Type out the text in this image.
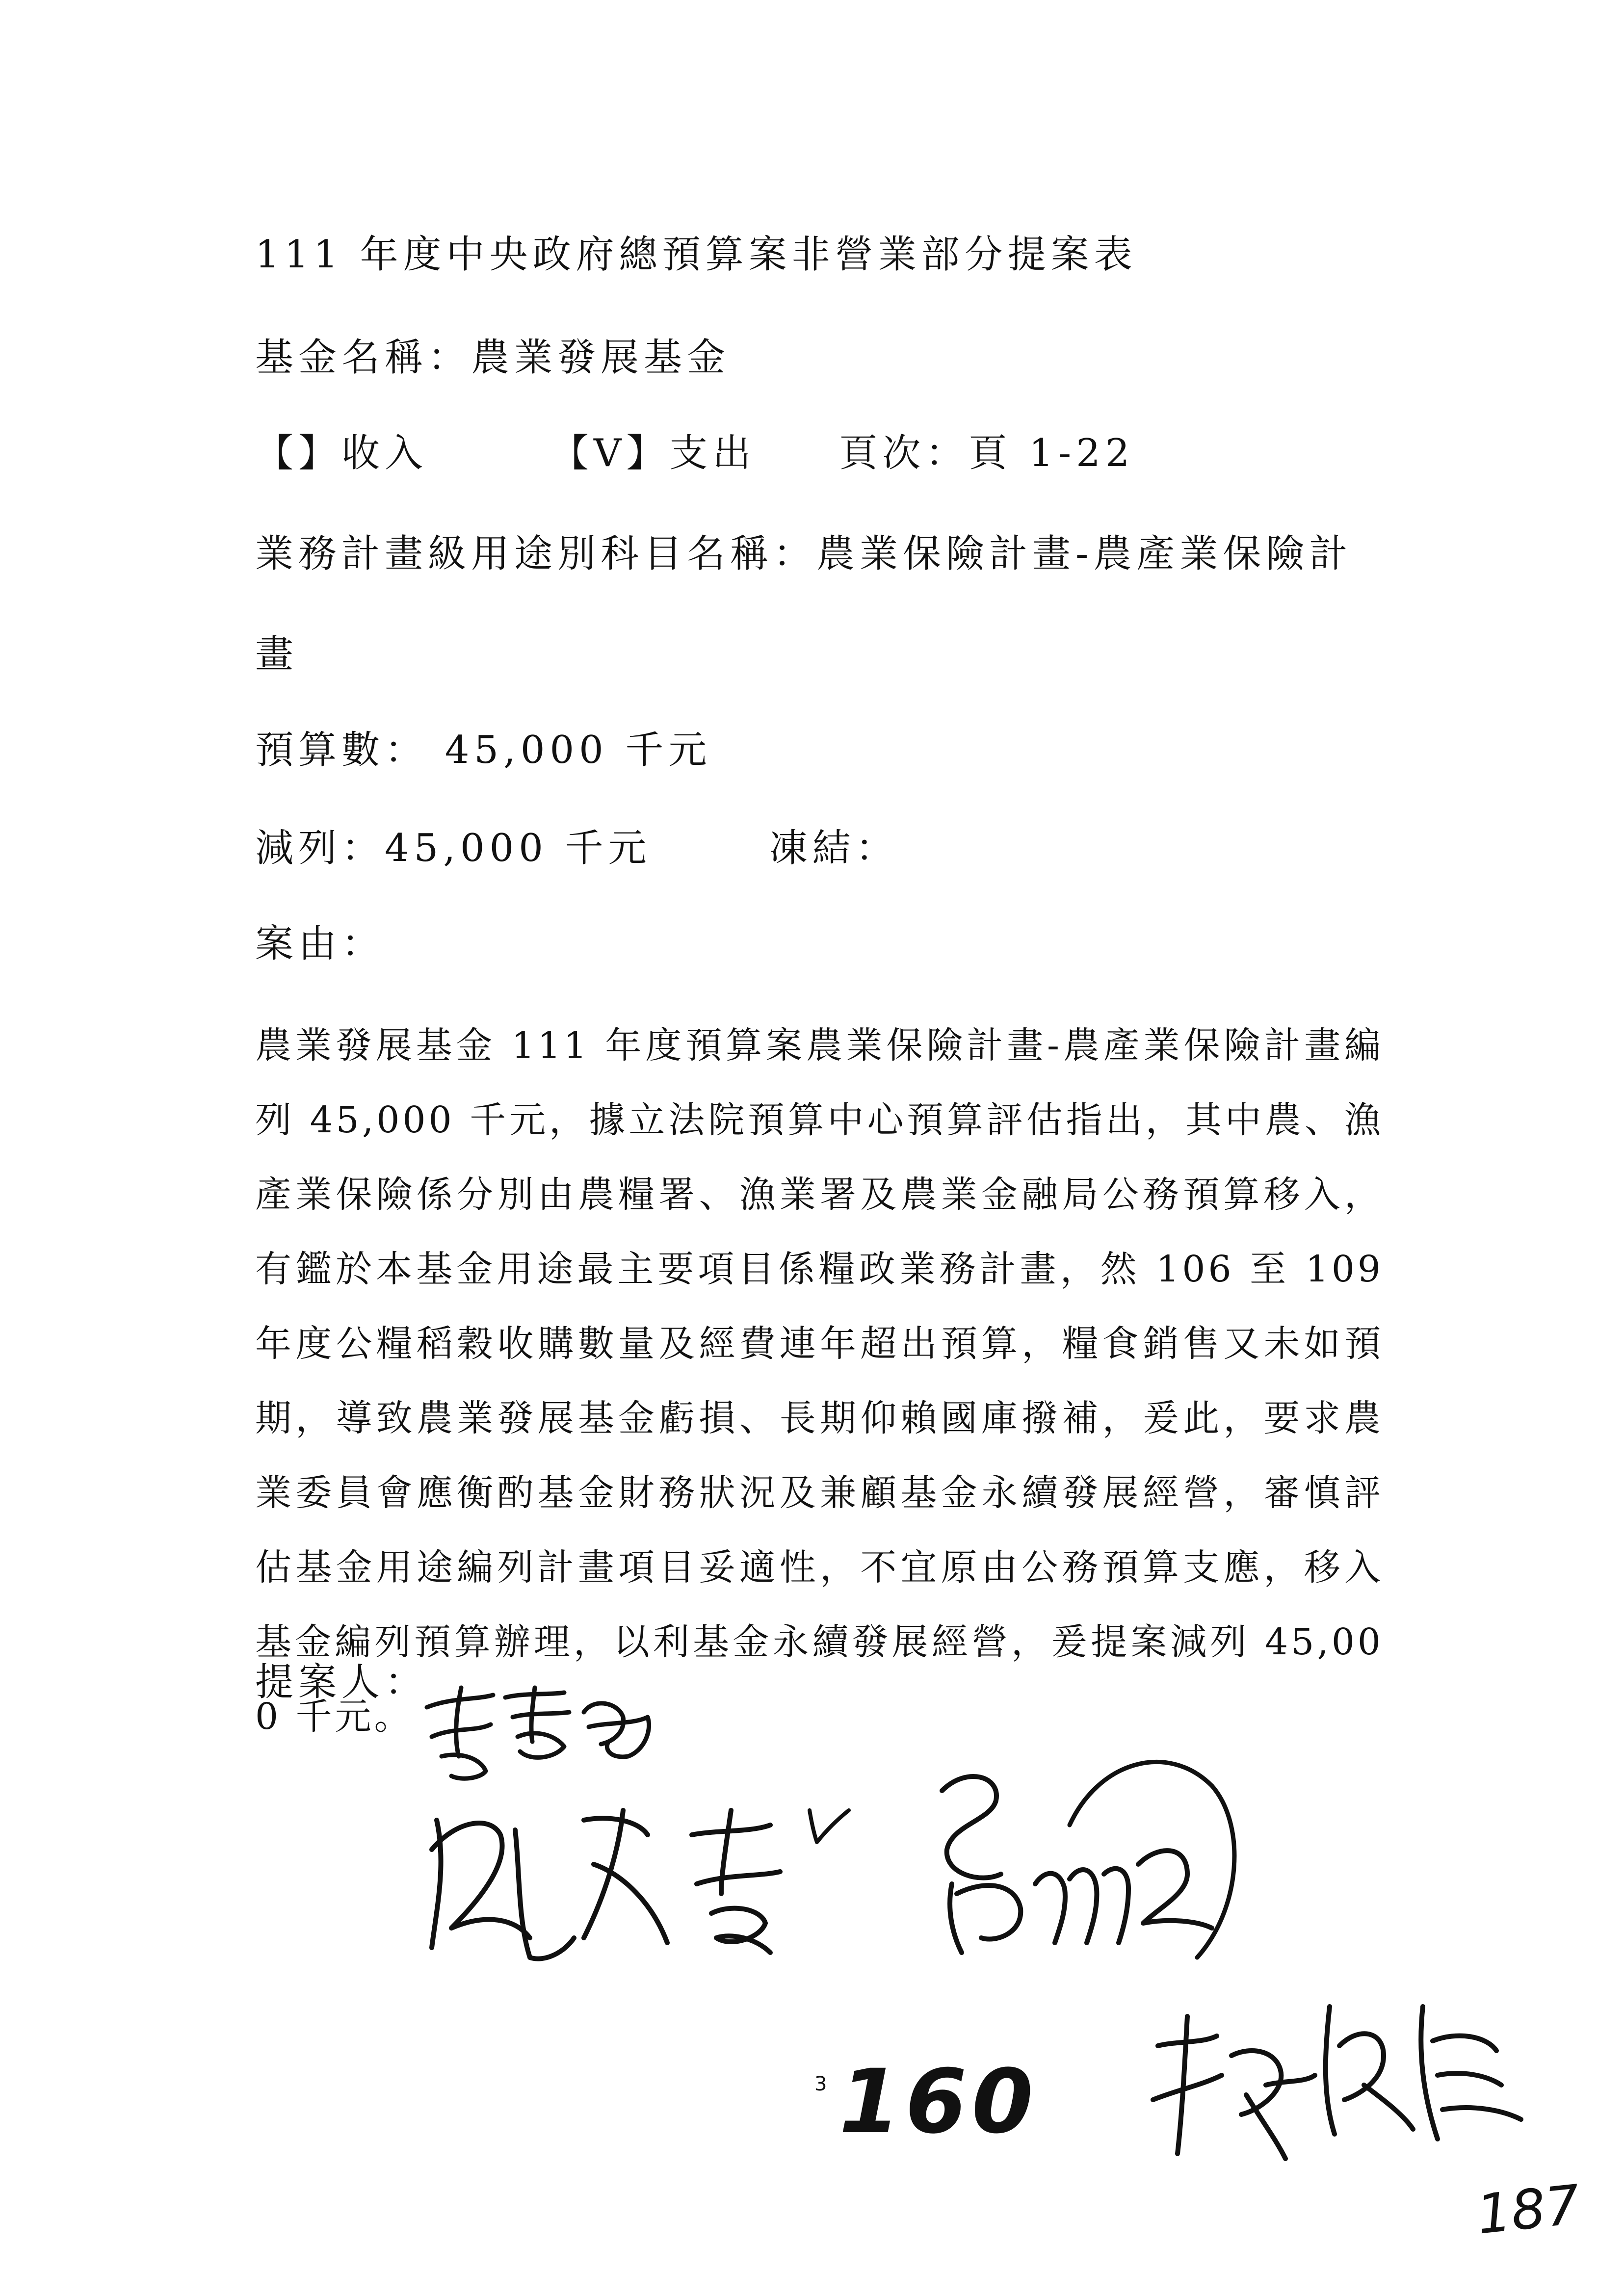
111 年度中央政府總預算案非營業部分提案表
基金名稱：農業發展基金
【】收入	【V】支出 頁次：頁 1-22
業務計畫級用途別科目名稱：農業保險計畫-農產業保險計
畫
預算數： 45,000 千元
減列：45,000 千元	凍結：
案由：
農業發展基金 111 年度預算案農業保險計畫-農產業保險計畫編列 45,000 千元，據立法院預算中心預算評估指出，其中農、漁產業保險係分別由農糧署、漁業署及農業金融局公務預算移入，有鑑於本基金用途最主要項目係糧政業務計畫，然 106 至 109 年度公糧稻穀收購數量及經費連年超出預算，糧食銷售又未如預期，導致農業發展基金虧損、長期仰賴國庫撥補，爰此，要求農業委員會應衡酌基金財務狀況及兼顧基金永續發展經營，審慎評估基金用途編列計畫項目妥適性，不宜原由公務預算支應，移入基金編列預算辦理，以利基金永續發展經營，爰提案減列 45,000 千元。
提案人：
3 160
187
